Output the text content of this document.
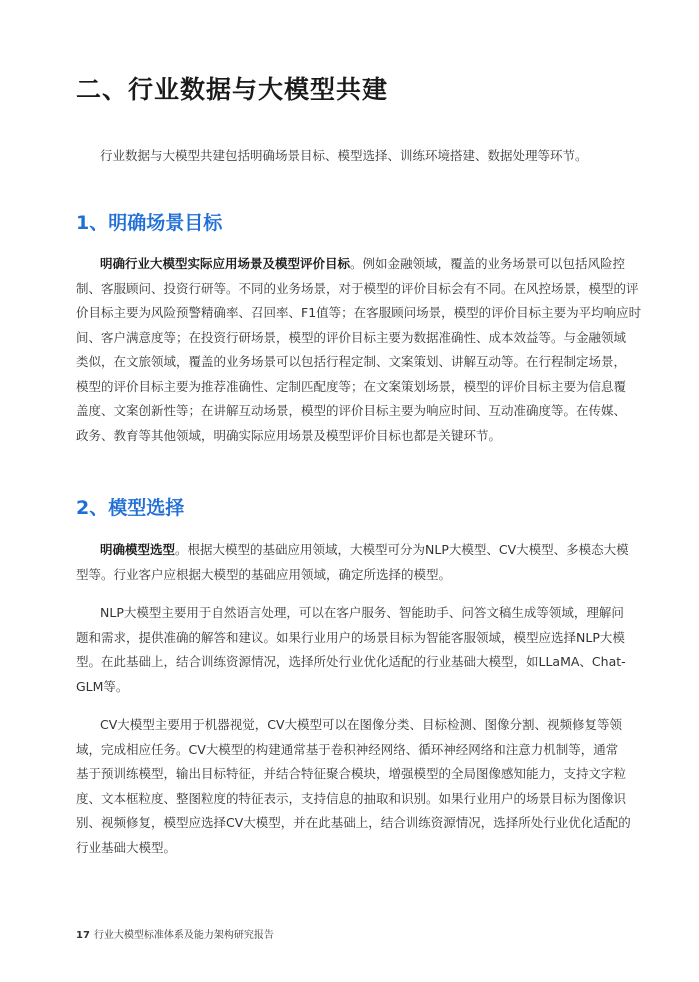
二、行业数据与大模型共建
行业数据与大模型共建包括明确场景目标、模型选择、训练环境搭建、数据处理等环节。
1、明确场景目标
明确行业大模型实际应用场景及模型评价目标。例如金融领域，覆盖的业务场景可以包括风险控
制、客服顾问、投资行研等。不同的业务场景，对于模型的评价目标会有不同。在风控场景，模型的评
价目标主要为风险预警精确率、召回率、F1值等；在客服顾问场景，模型的评价目标主要为平均响应时
间、客户满意度等；在投资行研场景，模型的评价目标主要为数据准确性、成本效益等。与金融领域
类似，在文旅领域，覆盖的业务场景可以包括行程定制、文案策划、讲解互动等。在行程制定场景，
模型的评价目标主要为推荐准确性、定制匹配度等；在文案策划场景，模型的评价目标主要为信息覆
盖度、文案创新性等；在讲解互动场景，模型的评价目标主要为响应时间、互动准确度等。在传媒、
政务、教育等其他领域，明确实际应用场景及模型评价目标也都是关键环节。
2、模型选择
明确模型选型。根据大模型的基础应用领域，大模型可分为NLP大模型、CV大模型、多模态大模
型等。行业客户应根据大模型的基础应用领域，确定所选择的模型。
NLP大模型主要用于自然语言处理，可以在客户服务、智能助手、问答文稿生成等领域，理解问
题和需求，提供准确的解答和建议。如果行业用户的场景目标为智能客服领域，模型应选择NLP大模
型。在此基础上，结合训练资源情况，选择所处行业优化适配的行业基础大模型，如LLaMA、Chat-
GLM等。
CV大模型主要用于机器视觉，CV大模型可以在图像分类、目标检测、图像分割、视频修复等领
域，完成相应任务。CV大模型的构建通常基于卷积神经网络、循环神经网络和注意力机制等，通常
基于预训练模型，输出目标特征，并结合特征聚合模块，增强模型的全局图像感知能力，支持文字粒
度、文本框粒度、整图粒度的特征表示，支持信息的抽取和识别。如果行业用户的场景目标为图像识
别、视频修复，模型应选择CV大模型，并在此基础上，结合训练资源情况，选择所处行业优化适配的
行业基础大模型。
17 行业大模型标准体系及能力架构研究报告
